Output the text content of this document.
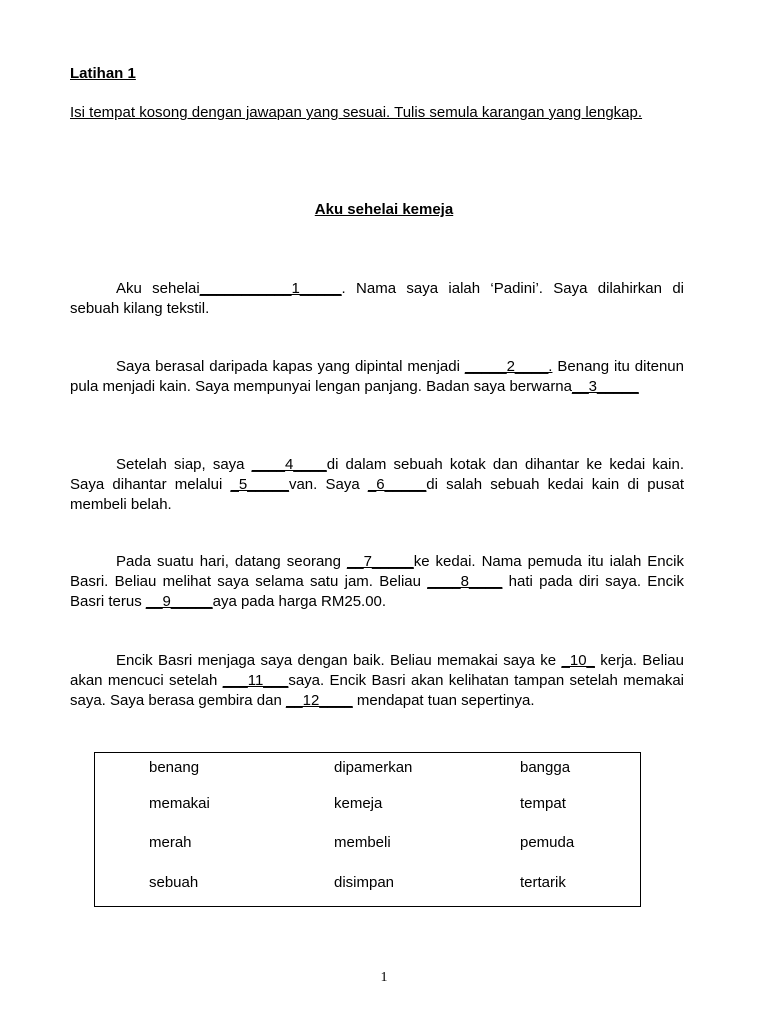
Latihan 1

Isi tempat kosong dengan jawapan yang sesuai. Tulis semula karangan yang lengkap.

Aku sehelai kemeja

Aku sehelai___________1_____. Nama saya ialah ‘Padini’. Saya dilahirkan di sebuah kilang tekstil.

Saya berasal daripada kapas yang dipintal menjadi _____2____. Benang itu ditenun pula menjadi kain. Saya mempunyai lengan panjang. Badan saya berwarna__3_____

Setelah siap, saya ____4____di dalam sebuah kotak dan dihantar ke kedai kain. Saya dihantar melalui _5_____van. Saya _6_____di salah sebuah kedai kain di pusat membeli belah.

Pada suatu hari, datang seorang __7_____ke kedai. Nama pemuda itu ialah Encik Basri. Beliau melihat saya selama satu jam. Beliau ____8____ hati pada diri saya. Encik Basri terus __9_____aya pada harga RM25.00.

Encik Basri menjaga saya dengan baik. Beliau memakai saya ke _10_ kerja. Beliau akan mencuci setelah ___11___saya. Encik Basri akan kelihatan tampan setelah memakai saya. Saya berasa gembira dan __12____ mendapat tuan sepertinya.

benang	dipamerkan	bangga
memakai	kemeja	tempat
merah	membeli	pemuda
sebuah	disimpan	tertarik
1
